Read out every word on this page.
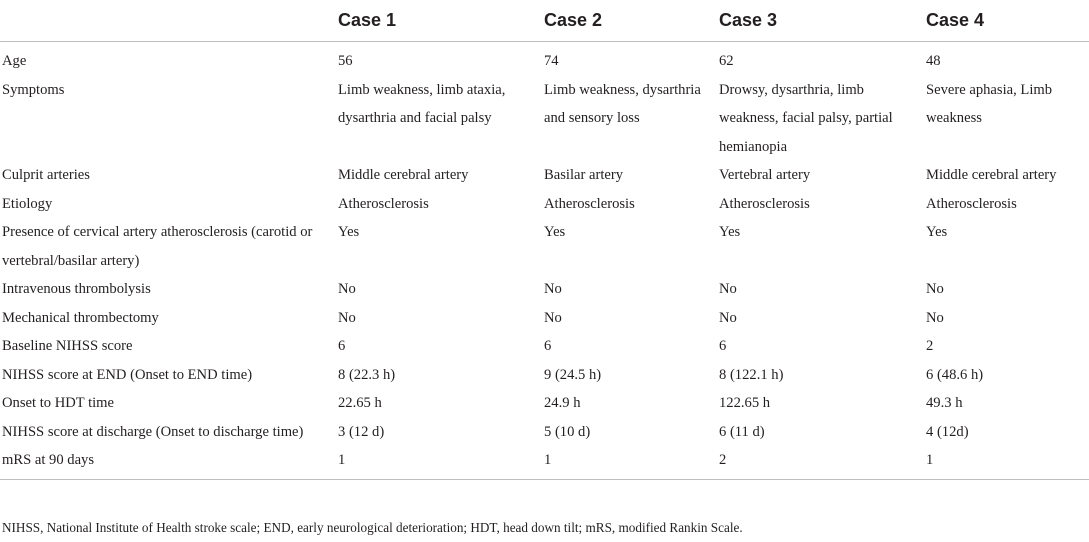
	Case 1	Case 2	Case 3	Case 4
Age	56	74	62	48
Symptoms	Limb weakness, limb ataxia, dysarthria and facial palsy	Limb weakness, dysarthria and sensory loss	Drowsy, dysarthria, limb weakness, facial palsy, partial hemianopia	Severe aphasia, Limb weakness
Culprit arteries	Middle cerebral artery	Basilar artery	Vertebral artery	Middle cerebral artery
Etiology	Atherosclerosis	Atherosclerosis	Atherosclerosis	Atherosclerosis
Presence of cervical artery atherosclerosis (carotid or vertebral/basilar artery)	Yes	Yes	Yes	Yes
Intravenous thrombolysis	No	No	No	No
Mechanical thrombectomy	No	No	No	No
Baseline NIHSS score	6	6	6	2
NIHSS score at END (Onset to END time)	8 (22.3 h)	9 (24.5 h)	8 (122.1 h)	6 (48.6 h)
Onset to HDT time	22.65 h	24.9 h	122.65 h	49.3 h
NIHSS score at discharge (Onset to discharge time)	3 (12 d)	5 (10 d)	6 (11 d)	4 (12d)
mRS at 90 days	1	1	2	1
NIHSS, National Institute of Health stroke scale; END, early neurological deterioration; HDT, head down tilt; mRS, modified Rankin Scale.
